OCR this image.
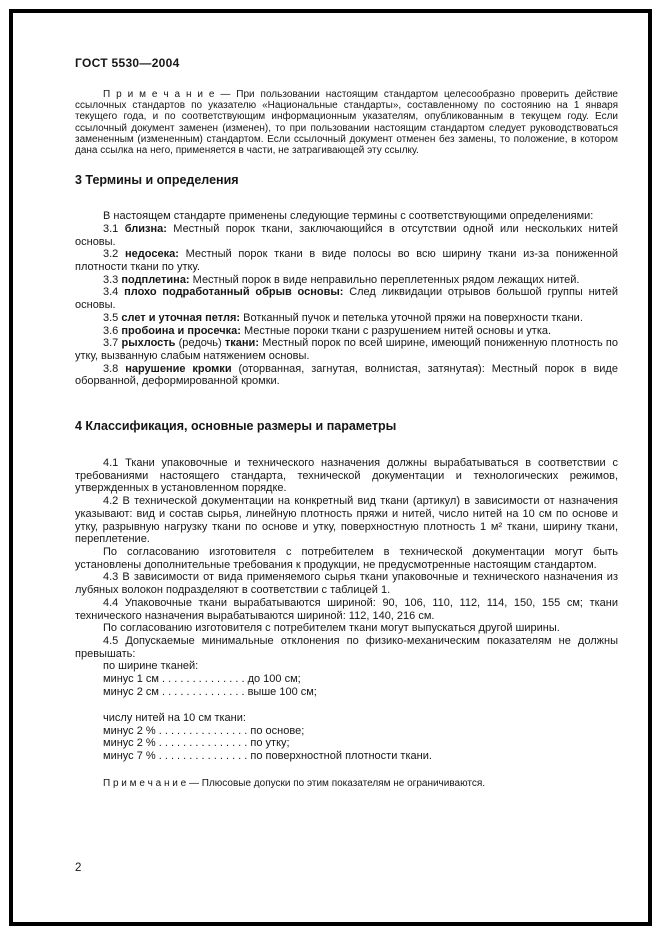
ГОСТ 5530—2004

П р и м е ч а н и е — При пользовании настоящим стандартом целесообразно проверить действие ссылочных стандартов по указателю «Национальные стандарты», составленному по состоянию на 1 января текущего года, и по соответствующим информационным указателям, опубликованным в текущем году. Если ссылочный документ заменен (изменен), то при пользовании настоящим стандартом следует руководствоваться замененным (измененным) стандартом. Если ссылочный документ отменен без замены, то положение, в котором дана ссылка на него, применяется в части, не затрагивающей эту ссылку.

3 Термины и определения

В настоящем стандарте применены следующие термины с соответствующими определениями:

3.1 близна: Местный порок ткани, заключающийся в отсутствии одной или нескольких нитей основы.

3.2 недосека: Местный порок ткани в виде полосы во всю ширину ткани из-за пониженной плотности ткани по утку.

3.3 подплетина: Местный порок в виде неправильно переплетенных рядом лежащих нитей.

3.4 плохо подработанный обрыв основы: След ликвидации отрывов большой группы нитей основы.

3.5 слет и уточная петля: Вотканный пучок и петелька уточной пряжи на поверхности ткани.

3.6 пробоина и просечка: Местные пороки ткани с разрушением нитей основы и утка.

3.7 рыхлость (редочь) ткани: Местный порок по всей ширине, имеющий пониженную плотность по утку, вызванную слабым натяжением основы.

3.8 нарушение кромки (оторванная, загнутая, волнистая, затянутая): Местный порок в виде оборванной, деформированной кромки.

4 Классификация, основные размеры и параметры

4.1 Ткани упаковочные и технического назначения должны вырабатываться в соответствии с требованиями настоящего стандарта, технической документации и технологических режимов, утвержденных в установленном порядке.

4.2 В технической документации на конкретный вид ткани (артикул) в зависимости от назначения указывают: вид и состав сырья, линейную плотность пряжи и нитей, число нитей на 10 см по основе и утку, разрывную нагрузку ткани по основе и утку, поверхностную плотность 1 м² ткани, ширину ткани, переплетение.

По согласованию изготовителя с потребителем в технической документации могут быть установлены дополнительные требования к продукции, не предусмотренные настоящим стандартом.

4.3 В зависимости от вида применяемого сырья ткани упаковочные и технического назначения из лубяных волокон подразделяют в соответствии с таблицей 1.

4.4 Упаковочные ткани вырабатываются шириной: 90, 106, 110, 112, 114, 150, 155 см; ткани технического назначения вырабатываются шириной: 112, 140, 216 см.

По согласованию изготовителя с потребителем ткани могут выпускаться другой ширины.

4.5 Допускаемые минимальные отклонения по физико-механическим показателям не должны превышать:

по ширине тканей:

минус 1 см . . . . . . . . . . . . . . до 100 см;

минус 2 см . . . . . . . . . . . . . . выше 100 см;

числу нитей на 10 см ткани:

минус 2 % . . . . . . . . . . . . . . . по основе;

минус 2 % . . . . . . . . . . . . . . . по утку;

минус 7 % . . . . . . . . . . . . . . . по поверхностной плотности ткани.

П р и м е ч а н и е — Плюсовые допуски по этим показателям не ограничиваются.

2
